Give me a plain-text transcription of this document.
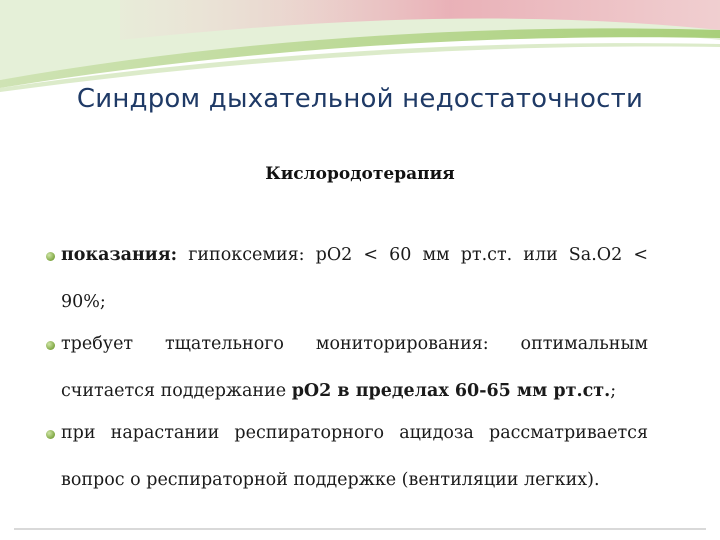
Синдром дыхательной недостаточности
Кислородотерапия
показания: гипоксемия: рО2 < 60 мм рт.ст. или Sa.O2 < 90%;
требует тщательного мониторирования: оптимальным считается поддержание рО2 в пределах 60-65 мм рт.ст.;
при нарастании респираторного ацидоза рассматривается вопрос о респираторной поддержке (вентиляции легких).
